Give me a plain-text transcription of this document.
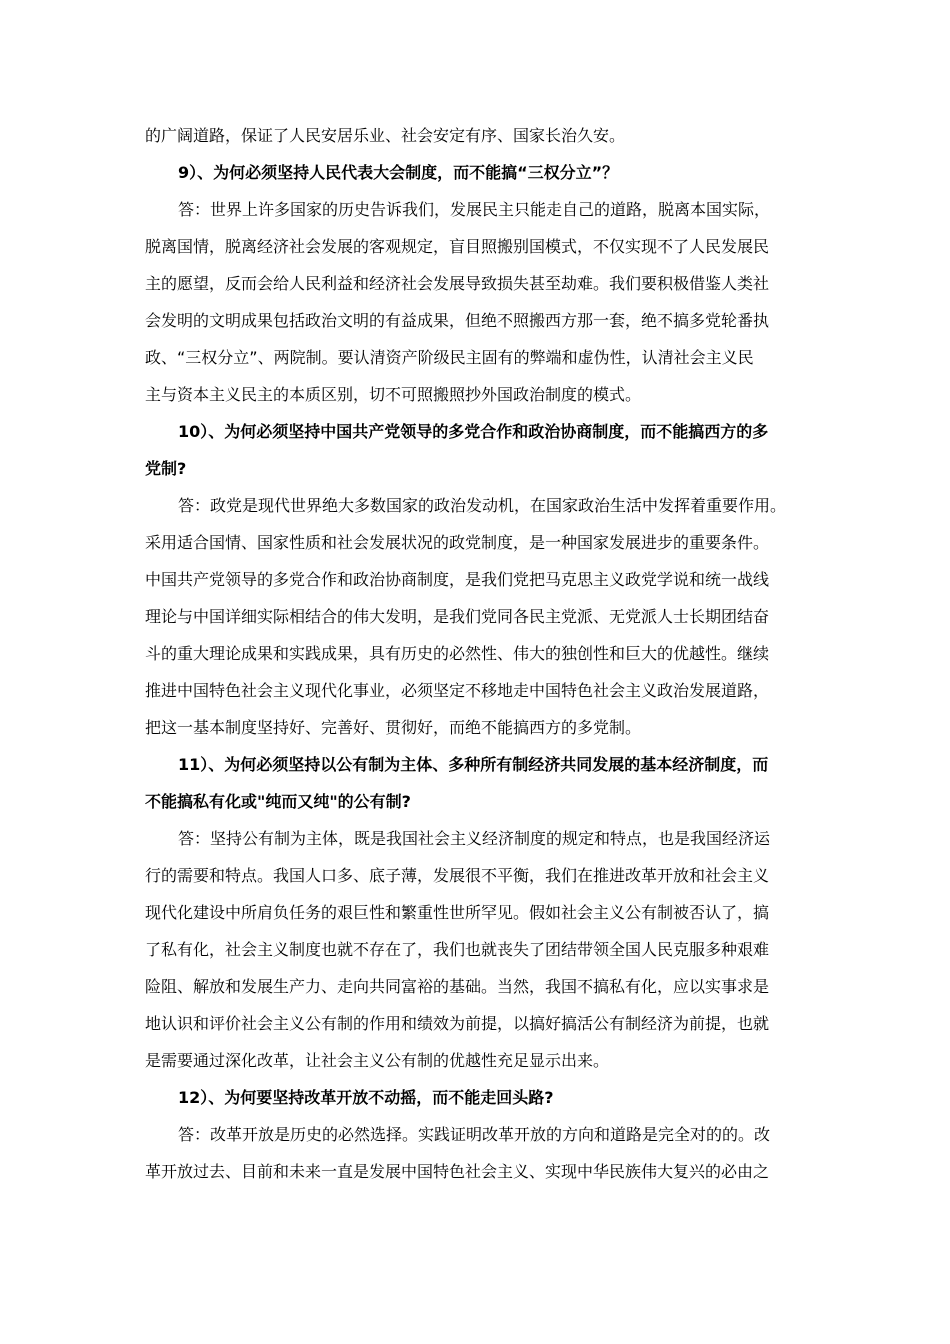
的广阔道路，保证了人民安居乐业、社会安定有序、国家长治久安。
9）、为何必须坚持人民代表大会制度，而不能搞“三权分立”？
答：世界上许多国家的历史告诉我们，发展民主只能走自己的道路，脱离本国实际，
脱离国情，脱离经济社会发展的客观规定，盲目照搬别国模式，不仅实现不了人民发展民
主的愿望，反而会给人民利益和经济社会发展导致损失甚至劫难。我们要积极借鉴人类社
会发明的文明成果包括政治文明的有益成果，但绝不照搬西方那一套，绝不搞多党轮番执
政、“三权分立”、两院制。要认清资产阶级民主固有的弊端和虚伪性，认清社会主义民
主与资本主义民主的本质区别，切不可照搬照抄外国政治制度的模式。
10）、为何必须坚持中国共产党领导的多党合作和政治协商制度，而不能搞西方的多
党制?
答：政党是现代世界绝大多数国家的政治发动机，在国家政治生活中发挥着重要作用。
采用适合国情、国家性质和社会发展状况的政党制度，是一种国家发展进步的重要条件。
中国共产党领导的多党合作和政治协商制度，是我们党把马克思主义政党学说和统一战线
理论与中国详细实际相结合的伟大发明，是我们党同各民主党派、无党派人士长期团结奋
斗的重大理论成果和实践成果，具有历史的必然性、伟大的独创性和巨大的优越性。继续
推进中国特色社会主义现代化事业，必须坚定不移地走中国特色社会主义政治发展道路，
把这一基本制度坚持好、完善好、贯彻好，而绝不能搞西方的多党制。
11）、为何必须坚持以公有制为主体、多种所有制经济共同发展的基本经济制度，而
不能搞私有化或"纯而又纯"的公有制?
答：坚持公有制为主体，既是我国社会主义经济制度的规定和特点，也是我国经济运
行的需要和特点。我国人口多、底子薄，发展很不平衡，我们在推进改革开放和社会主义
现代化建设中所肩负任务的艰巨性和繁重性世所罕见。假如社会主义公有制被否认了，搞
了私有化，社会主义制度也就不存在了，我们也就丧失了团结带领全国人民克服多种艰难
险阻、解放和发展生产力、走向共同富裕的基础。当然，我国不搞私有化，应以实事求是
地认识和评价社会主义公有制的作用和绩效为前提，以搞好搞活公有制经济为前提，也就
是需要通过深化改革，让社会主义公有制的优越性充足显示出来。
12）、为何要坚持改革开放不动摇，而不能走回头路?
答：改革开放是历史的必然选择。实践证明改革开放的方向和道路是完全对的的。改
革开放过去、目前和未来一直是发展中国特色社会主义、实现中华民族伟大复兴的必由之
